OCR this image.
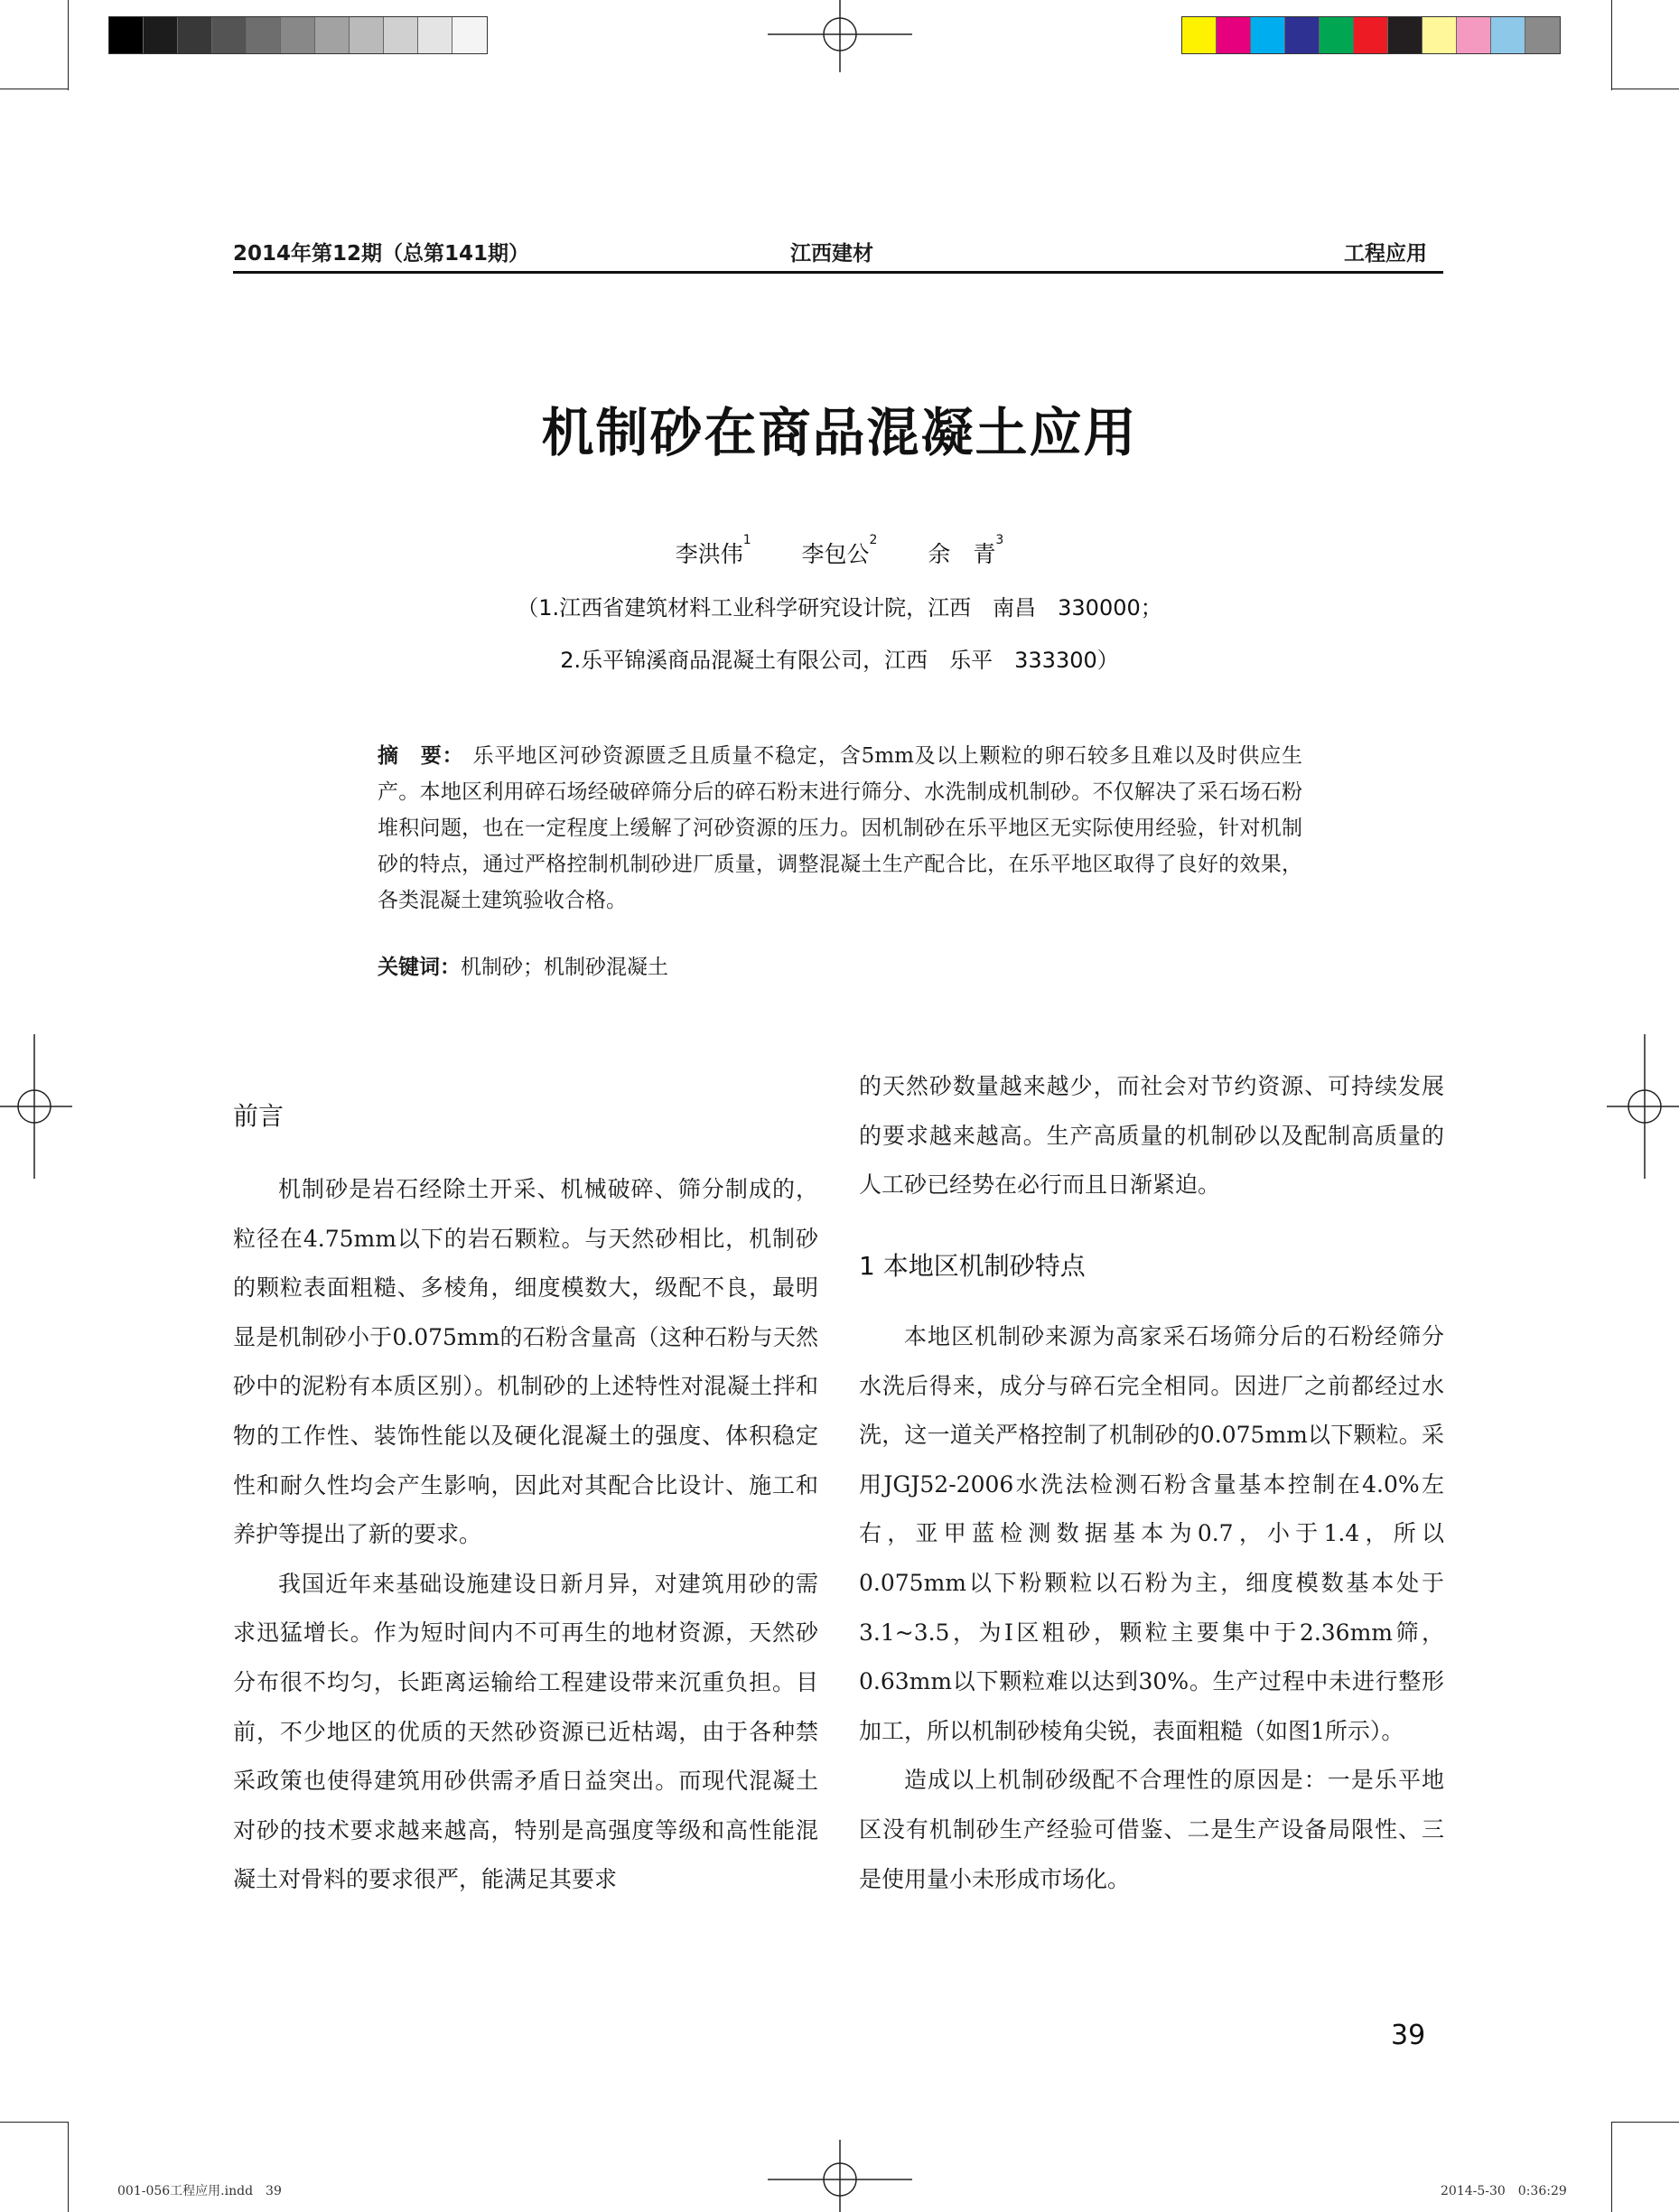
2014年第12期（总第141期）	江西建材	工程应用
机制砂在商品混凝土应用
李洪伟$^1$  李包公$^2$  余　青$^3$
（1.江西省建筑材料工业科学研究设计院，江西　南昌　330000；
2.乐平锦溪商品混凝土有限公司，江西　乐平　333300）
摘　要： 乐平地区河砂资源匮乏且质量不稳定，含5mm及以上颗粒的卵石较多且难以及时供应生产。本地区利用碎石场经破碎筛分后的碎石粉末进行筛分、水洗制成机制砂。不仅解决了采石场石粉堆积问题，也在一定程度上缓解了河砂资源的压力。因机制砂在乐平地区无实际使用经验，针对机制砂的特点，通过严格控制机制砂进厂质量，调整混凝土生产配合比，在乐平地区取得了良好的效果，各类混凝土建筑验收合格。
关键词：机制砂；机制砂混凝土
前言

机制砂是岩石经除土开采、机械破碎、筛分制成的，粒径在4.75mm以下的岩石颗粒。与天然砂相比，机制砂的颗粒表面粗糙、多棱角，细度模数大，级配不良，最明显是机制砂小于0.075mm的石粉含量高（这种石粉与天然砂中的泥粉有本质区别）。机制砂的上述特性对混凝土拌和物的工作性、装饰性能以及硬化混凝土的强度、体积稳定性和耐久性均会产生影响，因此对其配合比设计、施工和养护等提出了新的要求。

我国近年来基础设施建设日新月异，对建筑用砂的需求迅猛增长。作为短时间内不可再生的地材资源，天然砂分布很不均匀，长距离运输给工程建设带来沉重负担。目前，不少地区的优质的天然砂资源已近枯竭，由于各种禁采政策也使得建筑用砂供需矛盾日益突出。而现代混凝土对砂的技术要求越来越高，特别是高强度等级和高性能混凝土对骨料的要求很严，能满足其要求

的天然砂数量越来越少，而社会对节约资源、可持续发展的要求越来越高。生产高质量的机制砂以及配制高质量的人工砂已经势在必行而且日渐紧迫。

1 本地区机制砂特点

本地区机制砂来源为高家采石场筛分后的石粉经筛分水洗后得来，成分与碎石完全相同。因进厂之前都经过水洗，这一道关严格控制了机制砂的0.075mm以下颗粒。采用JGJ52-2006水洗法检测石粉含量基本控制在4.0%左右，亚甲蓝检测数据基本为0.7，小于1.4，所以0.075mm以下粉颗粒以石粉为主，细度模数基本处于3.1~3.5，为Ⅰ区粗砂，颗粒主要集中于2.36mm筛，0.63mm以下颗粒难以达到30%。生产过程中未进行整形加工，所以机制砂棱角尖锐，表面粗糙（如图1所示）。

造成以上机制砂级配不合理性的原因是：一是乐平地区没有机制砂生产经验可借鉴、二是生产设备局限性、三是使用量小未形成市场化。

39
001-056工程应用.indd　39	2014-5-30　0:36:29
